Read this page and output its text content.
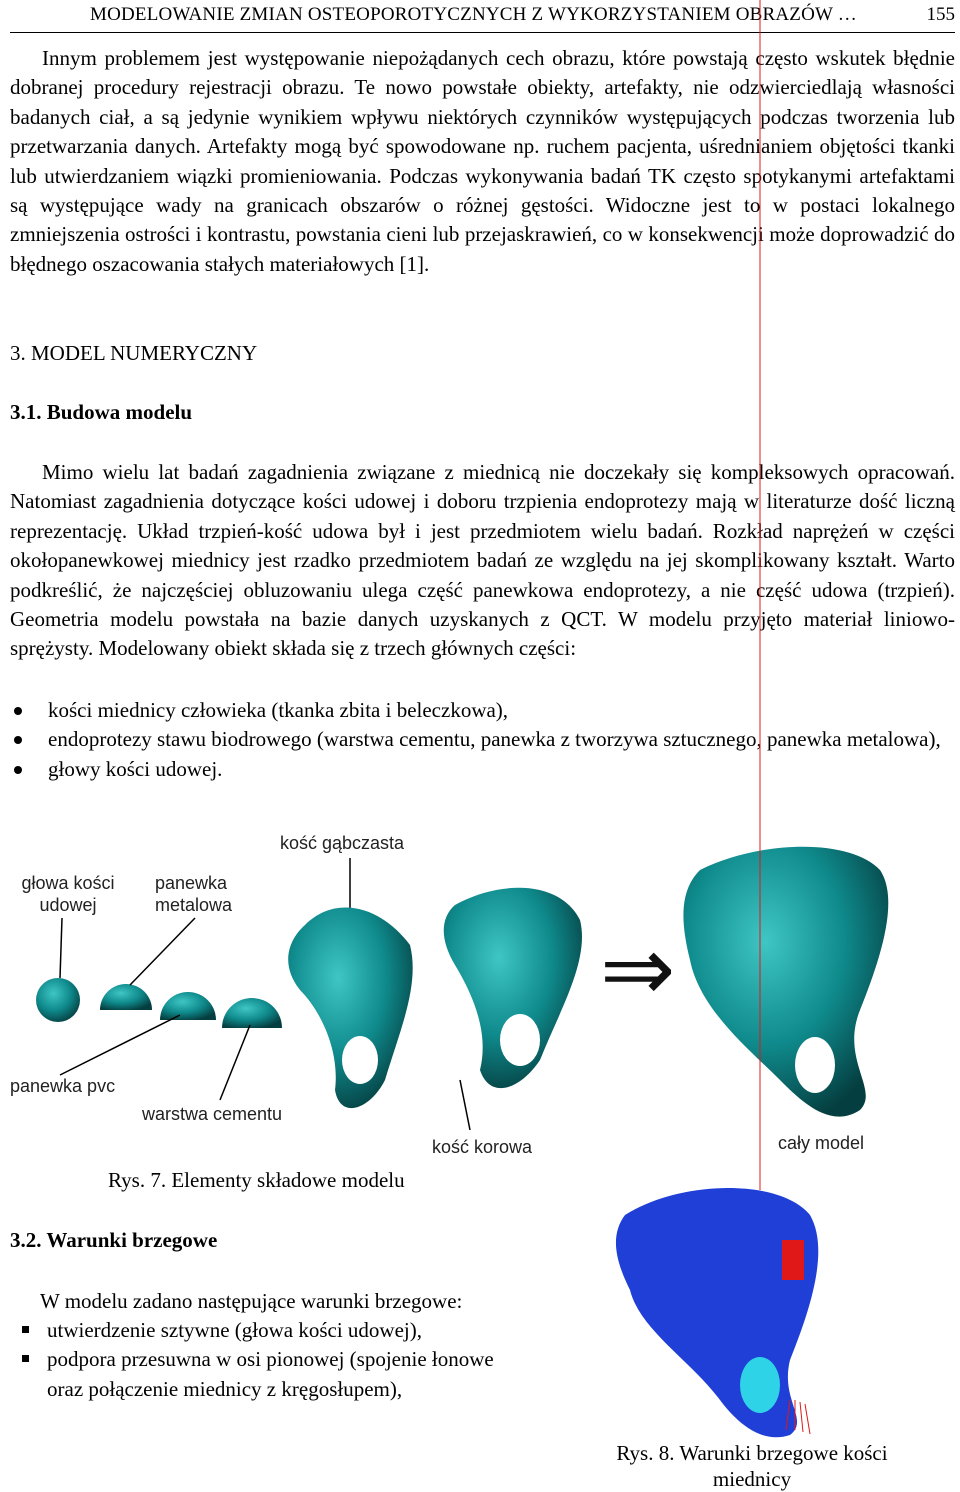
MODELOWANIE ZMIAN OSTEOPOROTYCZNYCH Z WYKORZYSTANIEM OBRAZÓW …	155

Innym problemem jest występowanie niepożądanych cech obrazu, które powstają często wskutek błędnie dobranej procedury rejestracji obrazu. Te nowo powstałe obiekty, artefakty, nie odzwierciedlają własności badanych ciał, a są jedynie wynikiem wpływu niektórych czynników występujących podczas tworzenia lub przetwarzania danych. Artefakty mogą być spowodowane np. ruchem pacjenta, uśrednianiem objętości tkanki lub utwierdzaniem wiązki promieniowania. Podczas wykonywania badań TK często spotykanymi artefaktami są występujące wady na granicach obszarów o różnej gęstości. Widoczne jest to w postaci lokalnego zmniejszenia ostrości i kontrastu, powstania cieni lub przejaskrawień, co w konsekwencji może doprowadzić do błędnego oszacowania stałych materiałowych [1].

3. MODEL NUMERYCZNY

3.1. Budowa modelu

Mimo wielu lat badań zagadnienia związane z miednicą nie doczekały się kompleksowych opracowań. Natomiast zagadnienia dotyczące kości udowej i doboru trzpienia endoprotezy mają w literaturze dość liczną reprezentację. Układ trzpień-kość udowa był i jest przedmiotem wielu badań. Rozkład naprężeń w części okołopanewkowej miednicy jest rzadko przedmiotem badań ze względu na jej skomplikowany kształt. Warto podkreślić, że najczęściej obluzowaniu ulega część panewkowa endoprotezy, a nie część udowa (trzpień). Geometria modelu powstała na bazie danych uzyskanych z QCT. W modelu przyjęto materiał liniowo-sprężysty. Modelowany obiekt składa się z trzech głównych części:

kości miednicy człowieka (tkanka zbita i beleczkowa),
endoprotezy stawu biodrowego (warstwa cementu, panewka z tworzywa sztucznego, panewka metalowa),
głowy kości udowej.
głowa kości udowej
panewka metalowa
kość gąbczasta
panewka pvc
warstwa cementu
kość korowa	cały model
⇒
Rys. 7. Elementy składowe modelu

3.2. Warunki brzegowe

W modelu zadano następujące warunki brzegowe:

utwierdzenie sztywne (głowa kości udowej),
podpora przesuwna w osi pionowej (spojenie łonowe oraz połączenie miednicy z kręgosłupem),
Rys. 8. Warunki brzegowe kości miednicy
